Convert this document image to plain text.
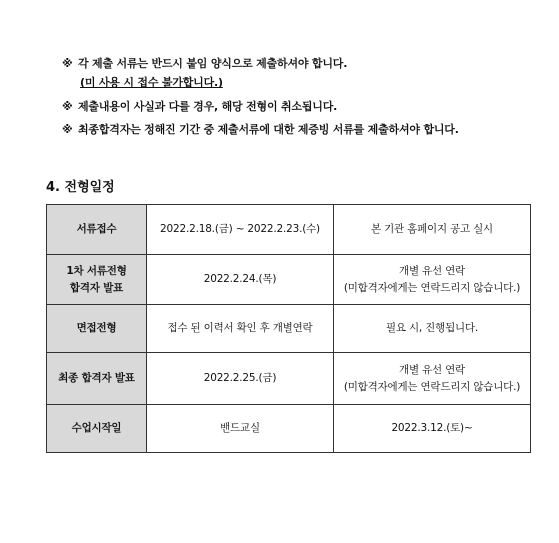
※ 각 제출 서류는 반드시 붙임 양식으로 제출하셔야 합니다.
(미 사용 시 접수 불가합니다.)
※ 제출내용이 사실과 다를 경우, 해당 전형이 취소됩니다.
※ 최종합격자는 정해진 기간 중 제출서류에 대한 제증빙 서류를 제출하셔야 합니다.
4. 전형일정
서류접수	2022.2.18.(금) ~ 2022.2.23.(수)	본 기관 홈페이지 공고 실시

1차 서류전형
합격자 발표	2022.2.24.(목)	개별 유선 연락
(미합격자에게는 연락드리지 않습니다.)

면접전형	접수 된 이력서 확인 후 개별연락	필요 시, 진행됩니다.

최종 합격자 발표	2022.2.25.(금)	개별 유선 연락
(미합격자에게는 연락드리지 않습니다.)

수업시작일	밴드교실	2022.3.12.(토)~
